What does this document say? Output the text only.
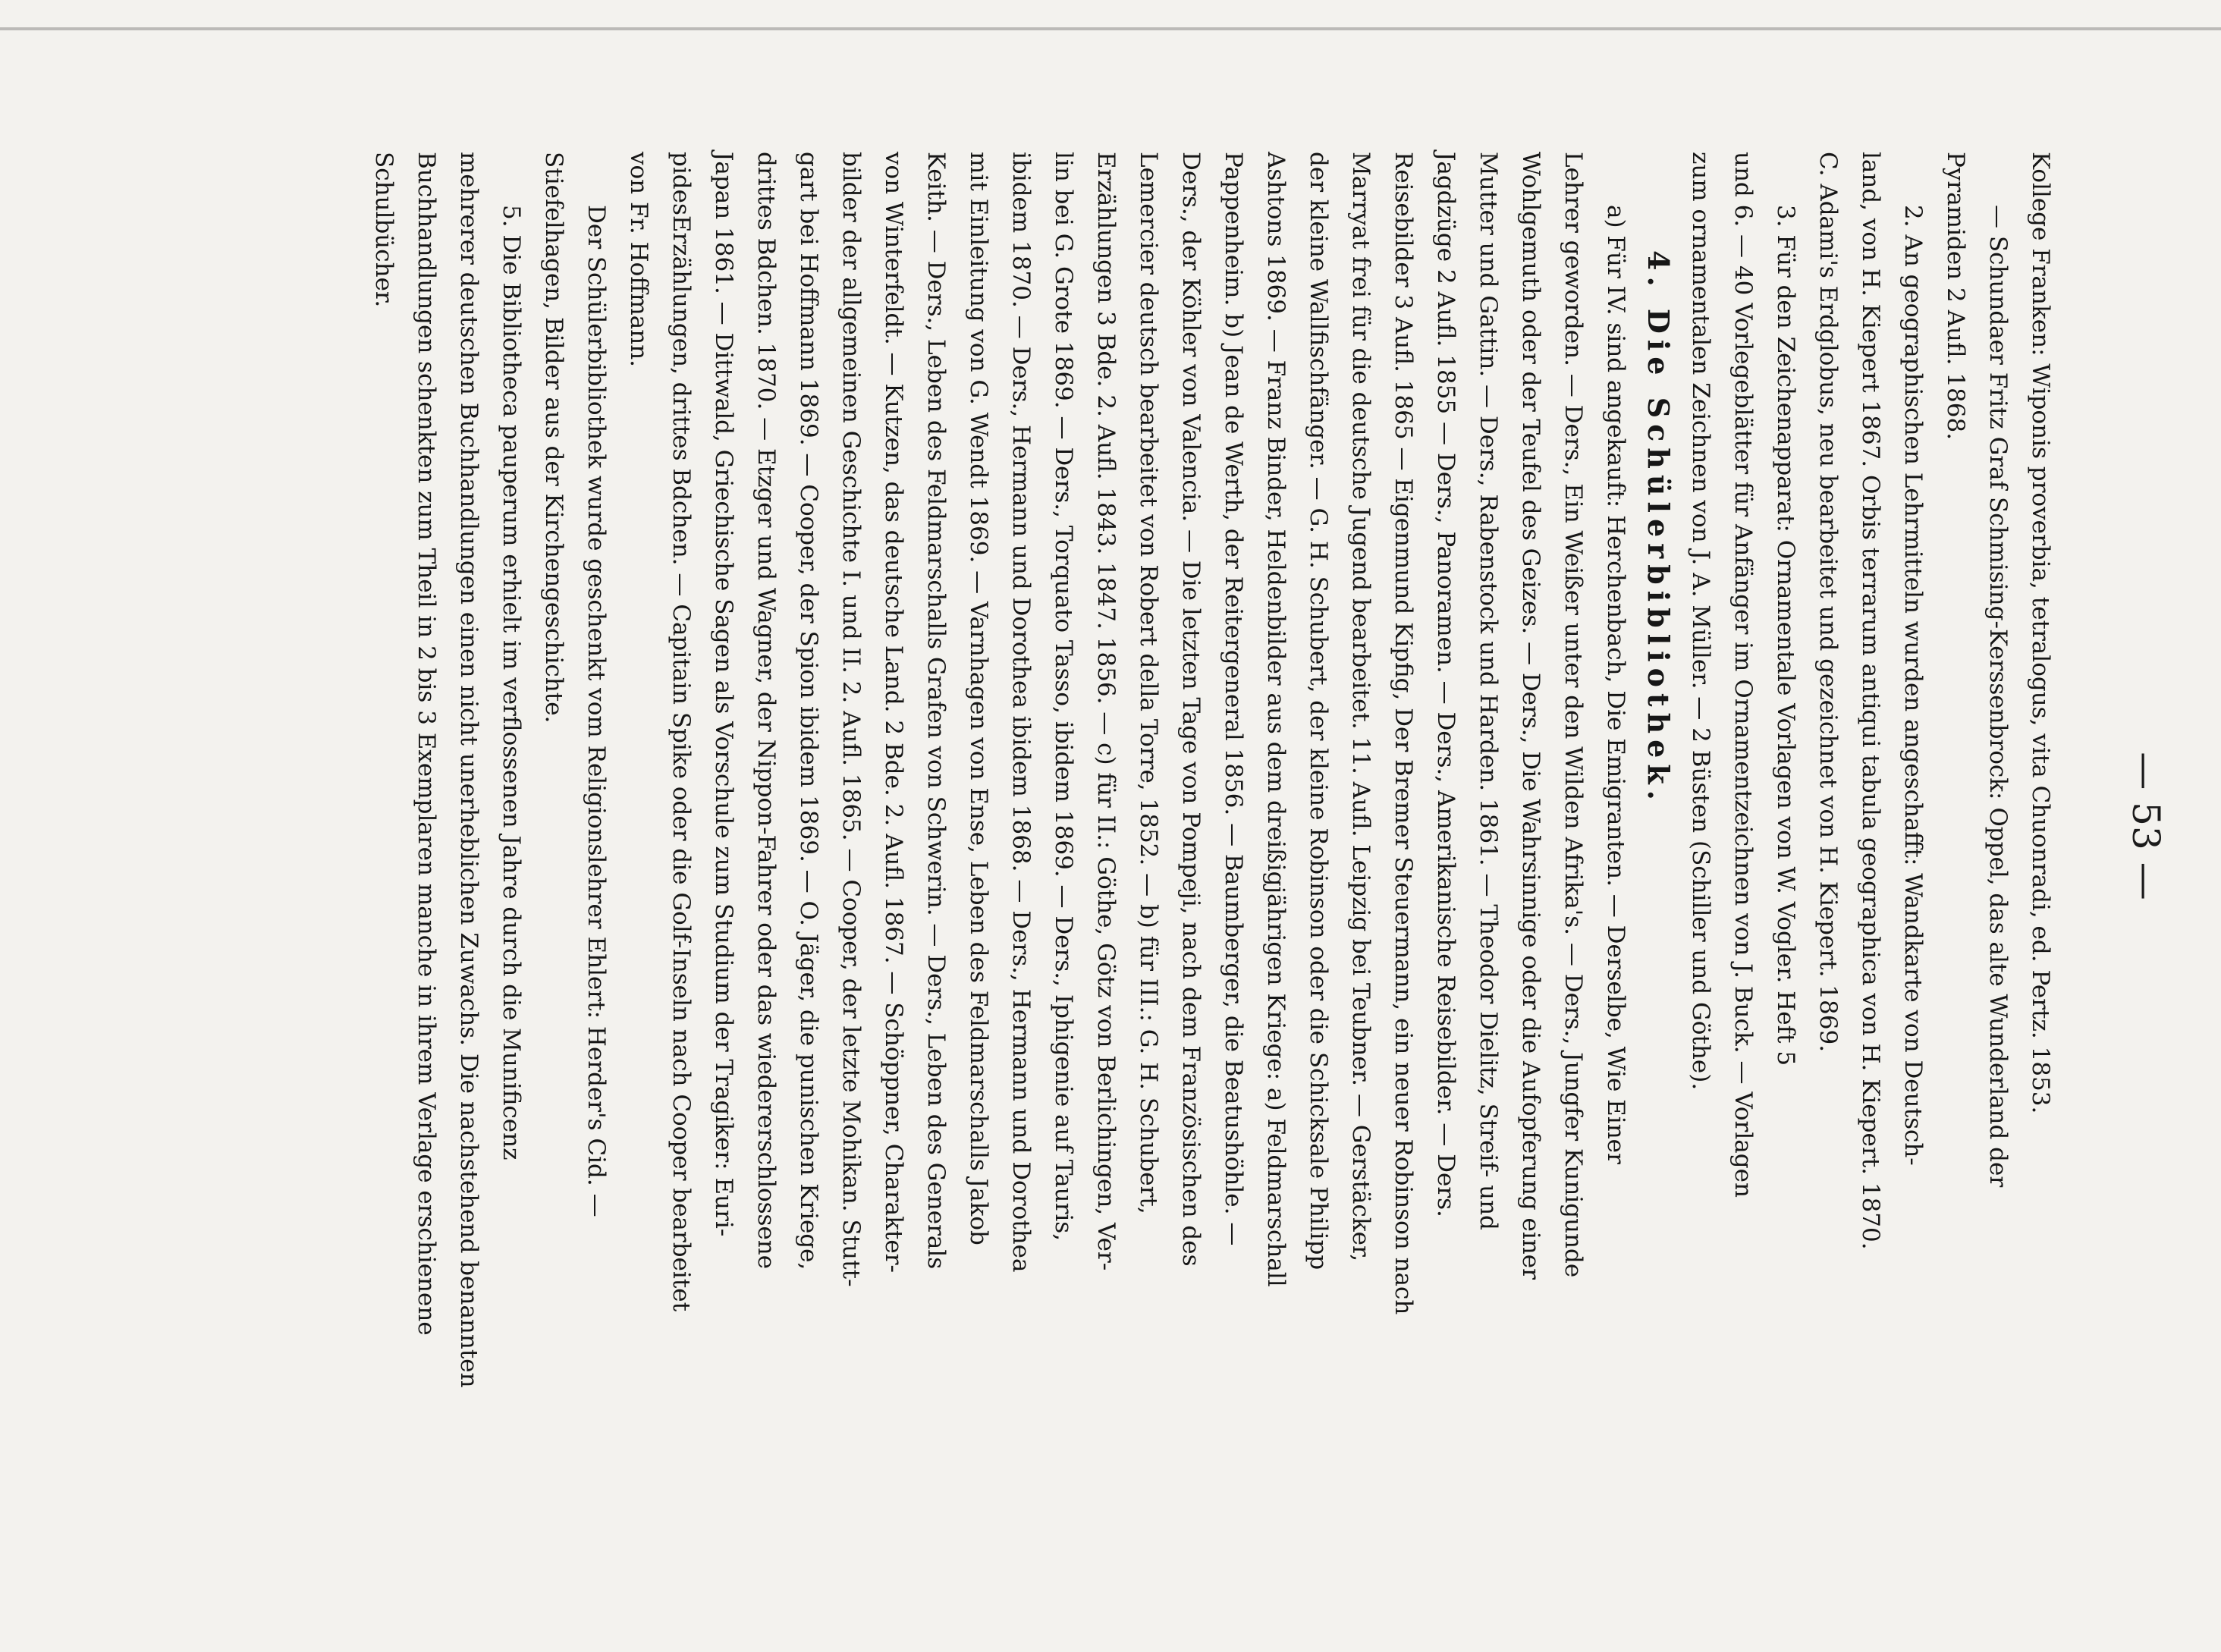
— 53 —

Kollege Franken: Wiponis proverbia, tetralogus, vita Chuonradi, ed. Pertz. 1853.

— Schundaer Fritz Graf Schmising-Kerssenbrock: Oppel, das alte Wunderland der

Pyramiden 2 Aufl. 1868.

2. An geographischen Lehrmitteln wurden angeschafft: Wandkarte von Deutsch-

land, von H. Kiepert 1867. Orbis terrarum antiqui tabula geographica von H. Kiepert. 1870.

C. Adami's Erdglobus, neu bearbeitet und gezeichnet von H. Kiepert. 1869.

3. Für den Zeichenapparat: Ornamentale Vorlagen von W. Vogler. Heft 5

und 6. — 40 Vorlegeblätter für Anfänger im Ornamentzeichnen von J. Buck. — Vorlagen

zum ornamentalen Zeichnen von J. A. Müller. — 2 Büsten (Schiller und Göthe).

4. Die Schülerbibliothek.

a) Für IV. sind angekauft: Herchenbach, Die Emigranten. — Derselbe, Wie Einer

Lehrer geworden. — Ders., Ein Weißer unter den Wilden Afrika's. — Ders., Jungfer Kunigunde

Wohlgemuth oder der Teufel des Geizes. — Ders., Die Wahrsinnige oder die Aufopferung einer

Mutter und Gattin. — Ders., Rabenstock und Harden. 1861. — Theodor Dielitz, Streif- und

Jagdzüge 2 Aufl. 1855 — Ders., Panoramen. — Ders., Amerikanische Reisebilder. — Ders.

Reisebilder 3 Aufl. 1865 — Eigenmund Kipfig, Der Bremer Steuermann, ein neuer Robinson nach

Marryat frei für die deutsche Jugend bearbeitet. 11. Aufl. Leipzig bei Teubner. — Gerstäcker,

der kleine Wallfischfänger. — G. H. Schubert, der kleine Robinson oder die Schicksale Philipp

Ashtons 1869. — Franz Binder, Heldenbilder aus dem dreißigjährigen Kriege: a) Feldmarschall

Pappenheim. b) Jean de Werth, der Reitergeneral 1856. — Baumberger, die Beatushöhle. —

Ders., der Köhler von Valencia. — Die letzten Tage von Pompeji, nach dem Französischen des

Lemercier deutsch bearbeitet von Robert della Torre, 1852. — b) für III.: G. H. Schubert,

Erzählungen 3 Bde. 2. Aufl. 1843. 1847. 1856. — c) für II.: Göthe, Götz von Berlichingen, Ver-

lin bei G. Grote 1869. — Ders., Torquato Tasso, ibidem 1869. — Ders., Iphigenie auf Tauris,

ibidem 1870. — Ders., Hermann und Dorothea ibidem 1868. — Ders., Hermann und Dorothea

mit Einleitung von G. Wendt 1869. — Varnhagen von Ense, Leben des Feldmarschalls Jakob

Keith. — Ders., Leben des Feldmarschalls Grafen von Schwerin. — Ders., Leben des Generals

von Winterfeldt. — Kutzen, das deutsche Land. 2 Bde. 2. Aufl. 1867. — Schöppner, Charakter-

bilder der allgemeinen Geschichte I. und II. 2. Aufl. 1865. — Cooper, der letzte Mohikan. Stutt-

gart bei Hoffmann 1869. — Cooper, der Spion ibidem 1869. — O. Jäger, die punischen Kriege,

drittes Bdchen. 1870. — Etzger und Wagner, der Nippon-Fahrer oder das wiedererschlossene

Japan 1861. — Dittwald, Griechische Sagen als Vorschule zum Studium der Tragiker: Euri-

pidesErzählungen, drittes Bdchen. — Capitain Spike oder die Golf-Inseln nach Cooper bearbeitet

von Fr. Hoffmann.

Der Schülerbibliothek wurde geschenkt vom Religionslehrer Ehlert: Herder's Cid. —

Stiefelhagen, Bilder aus der Kirchengeschichte.

5. Die Bibliotheca pauperum erhielt im verflossenen Jahre durch die Munificenz

mehrerer deutschen Buchhandlungen einen nicht unerheblichen Zuwachs. Die nachstehend benannten

Buchhandlungen schenkten zum Theil in 2 bis 3 Exemplaren manche in ihrem Verlage erschienene

Schulbücher.
